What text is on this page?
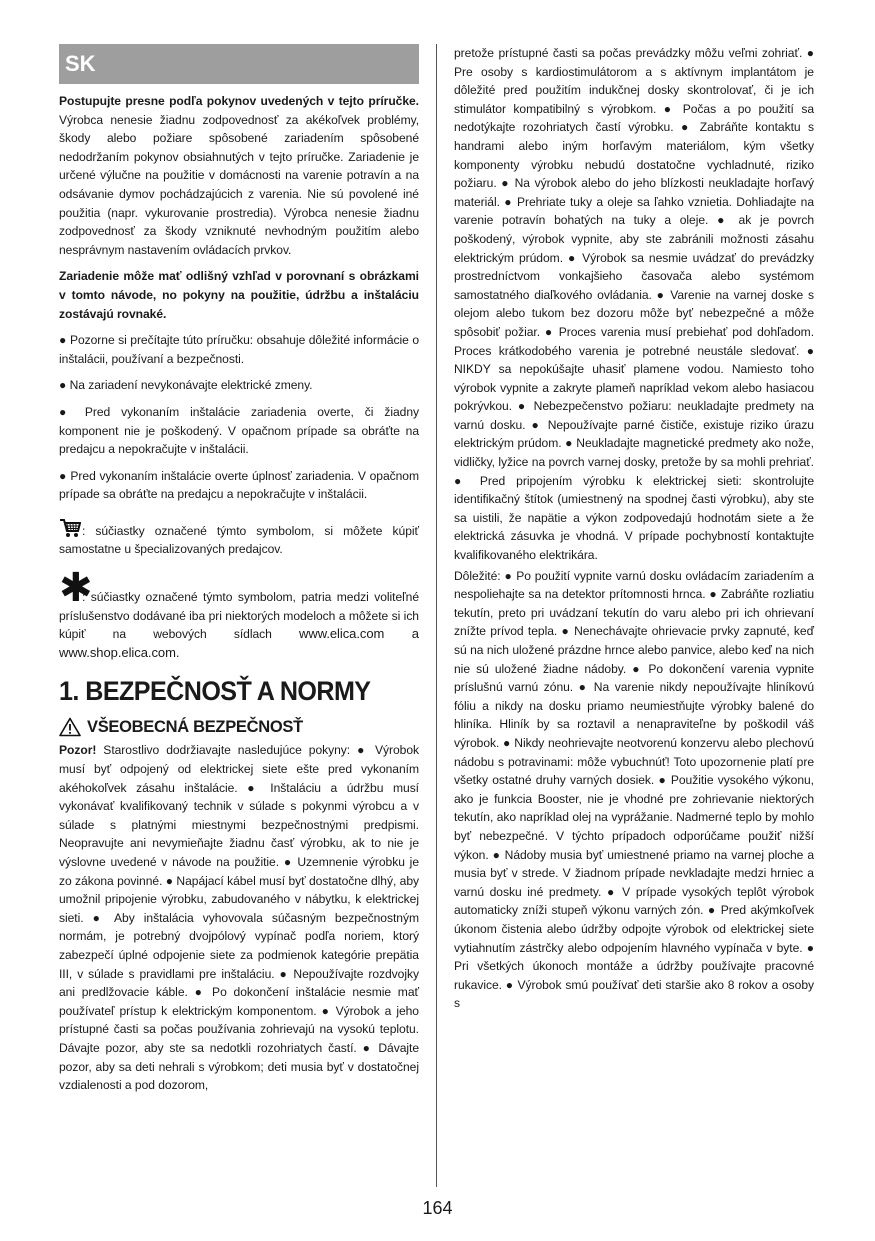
SK

Postupujte presne podľa pokynov uvedených v tejto príručke. Výrobca nenesie žiadnu zodpovednosť za akékoľvek problémy, škody alebo požiare spôsobené zariadením spôsobené nedodržaním pokynov obsiahnutých v tejto príručke. Zariadenie je určené výlučne na použitie v domácnosti na varenie potravín a na odsávanie dymov pochádzajúcich z varenia. Nie sú povolené iné použitia (napr. vykurovanie prostredia). Výrobca nenesie žiadnu zodpovednosť za škody vzniknuté nevhodným použitím alebo nesprávnym nastavením ovládacích prvkov.

Zariadenie môže mať odlišný vzhľad v porovnaní s obrázkami v tomto návode, no pokyny na použitie, údržbu a inštaláciu zostávajú rovnaké.

● Pozorne si prečítajte túto príručku: obsahuje dôležité informácie o inštalácii, používaní a bezpečnosti.

● Na zariadení nevykonávajte elektrické zmeny.

● Pred vykonaním inštalácie zariadenia overte, či žiadny komponent nie je poškodený. V opačnom prípade sa obráťte na predajcu a nepokračujte v inštalácii.

● Pred vykonaním inštalácie overte úplnosť zariadenia. V opačnom prípade sa obráťte na predajcu a nepokračujte v inštalácii.

: súčiastky označené týmto symbolom, si môžete kúpiť samostatne u špecializovaných predajcov.

✱: súčiastky označené týmto symbolom, patria medzi voliteľné príslušenstvo dodávané iba pri niektorých modeloch a môžete si ich kúpiť na webových sídlach www.elica.com a www.shop.elica.com.

1. BEZPEČNOSŤ A NORMY
VŠEOBECNÁ BEZPEČNOSŤ

Pozor! Starostlivo dodržiavajte nasledujúce pokyny: ● Výrobok musí byť odpojený od elektrickej siete ešte pred vykonaním akéhokoľvek zásahu inštalácie. ● Inštaláciu a údržbu musí vykonávať kvalifikovaný technik v súlade s pokynmi výrobcu a v súlade s platnými miestnymi bezpečnostnými predpismi. Neopravujte ani nevymieňajte žiadnu časť výrobku, ak to nie je výslovne uvedené v návode na použitie. ● Uzemnenie výrobku je zo zákona povinné. ● Napájací kábel musí byť dostatočne dlhý, aby umožnil pripojenie výrobku, zabudovaného v nábytku, k elektrickej sieti. ● Aby inštalácia vyhovovala súčasným bezpečnostným normám, je potrebný dvojpólový vypínač podľa noriem, ktorý zabezpečí úplné odpojenie siete za podmienok kategórie prepätia III, v súlade s pravidlami pre inštaláciu. ● Nepoužívajte rozdvojky ani predlžovacie káble. ● Po dokončení inštalácie nesmie mať používateľ prístup k elektrickým komponentom. ● Výrobok a jeho prístupné časti sa počas používania zohrievajú na vysokú teplotu. Dávajte pozor, aby ste sa nedotkli rozohriatych častí. ● Dávajte pozor, aby sa deti nehrali s výrobkom; deti musia byť v dostatočnej vzdialenosti a pod dozorom,

pretože prístupné časti sa počas prevádzky môžu veľmi zohriať. ● Pre osoby s kardiostimulátorom a s aktívnym implantátom je dôležité pred použitím indukčnej dosky skontrolovať, či je ich stimulátor kompatibilný s výrobkom. ● Počas a po použití sa nedotýkajte rozohriatych častí výrobku. ● Zabráňte kontaktu s handrami alebo iným horľavým materiálom, kým všetky komponenty výrobku nebudú dostatočne vychladnuté, riziko požiaru. ● Na výrobok alebo do jeho blízkosti neukladajte horľavý materiál. ● Prehriate tuky a oleje sa ľahko vznietia. Dohliadajte na varenie potravín bohatých na tuky a oleje. ● ak je povrch poškodený, výrobok vypnite, aby ste zabránili možnosti zásahu elektrickým prúdom. ● Výrobok sa nesmie uvádzať do prevádzky prostredníctvom vonkajšieho časovača alebo systémom samostatného diaľkového ovládania. ● Varenie na varnej doske s olejom alebo tukom bez dozoru môže byť nebezpečné a môže spôsobiť požiar. ● Proces varenia musí prebiehať pod dohľadom. Proces krátkodobého varenia je potrebné neustále sledovať. ● NIKDY sa nepokúšajte uhasiť plamene vodou. Namiesto toho výrobok vypnite a zakryte plameň napríklad vekom alebo hasiacou pokrývkou. ● Nebezpečenstvo požiaru: neukladajte predmety na varnú dosku. ● Nepoužívajte parné čističe, existuje riziko úrazu elektrickým prúdom. ● Neukladajte magnetické predmety ako nože, vidličky, lyžice na povrch varnej dosky, pretože by sa mohli prehriať. ● Pred pripojením výrobku k elektrickej sieti: skontrolujte identifikačný štítok (umiestnený na spodnej časti výrobku), aby ste sa uistili, že napätie a výkon zodpovedajú hodnotám siete a že elektrická zásuvka je vhodná. V prípade pochybností kontaktujte kvalifikovaného elektrikára.

Dôležité: ● Po použití vypnite varnú dosku ovládacím zariadením a nespoliehajte sa na detektor prítomnosti hrnca. ● Zabráňte rozliatiu tekutín, preto pri uvádzaní tekutín do varu alebo pri ich ohrievaní znížte prívod tepla. ● Nenechávajte ohrievacie prvky zapnuté, keď sú na nich uložené prázdne hrnce alebo panvice, alebo keď na nich nie sú uložené žiadne nádoby. ● Po dokončení varenia vypnite príslušnú varnú zónu. ● Na varenie nikdy nepoužívajte hliníkovú fóliu a nikdy na dosku priamo neumiestňujte výrobky balené do hliníka. Hliník by sa roztavil a nenapraviteľne by poškodil váš výrobok. ● Nikdy neohrievajte neotvorenú konzervu alebo plechovú nádobu s potravinami: môže vybuchnúť! Toto upozornenie platí pre všetky ostatné druhy varných dosiek. ● Použitie vysokého výkonu, ako je funkcia Booster, nie je vhodné pre zohrievanie niektorých tekutín, ako napríklad olej na vyprážanie. Nadmerné teplo by mohlo byť nebezpečné. V týchto prípadoch odporúčame použiť nižší výkon. ● Nádoby musia byť umiestnené priamo na varnej ploche a musia byť v strede. V žiadnom prípade nevkladajte medzi hrniec a varnú dosku iné predmety. ● V prípade vysokých teplôt výrobok automaticky zníži stupeň výkonu varných zón. ● Pred akýmkoľvek úkonom čistenia alebo údržby odpojte výrobok od elektrickej siete vytiahnutím zástrčky alebo odpojením hlavného vypínača v byte. ● Pri všetkých úkonoch montáže a údržby používajte pracovné rukavice. ● Výrobok smú používať deti staršie ako 8 rokov a osoby s

164
